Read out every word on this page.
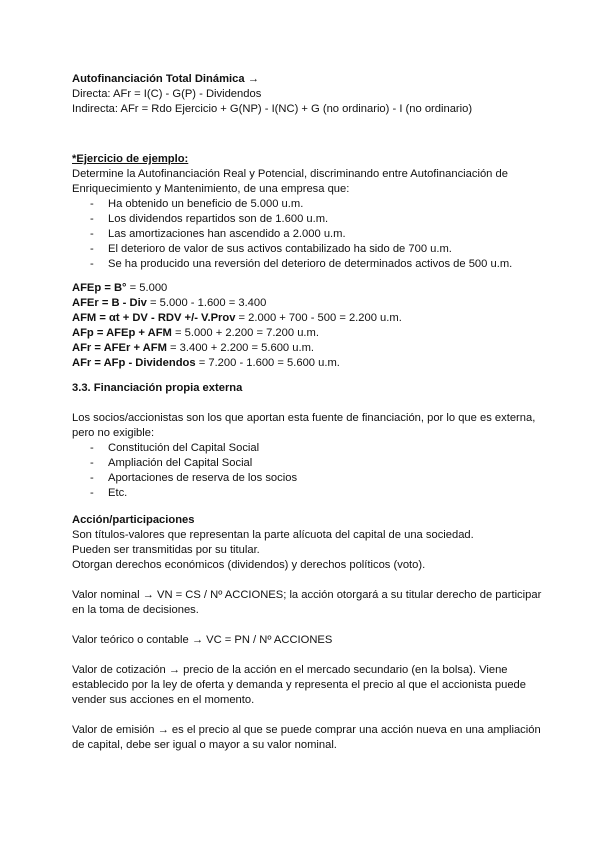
Autofinanciación Total Dinámica →

Directa: AFr = I(C) - G(P) - Dividendos

Indirecta: AFr = Rdo Ejercicio + G(NP) - I(NC) + G (no ordinario) - I (no ordinario)

*Ejercicio de ejemplo:

Determine la Autofinanciación Real y Potencial, discriminando entre Autofinanciación de Enriquecimiento y Mantenimiento, de una empresa que:

- Ha obtenido un beneficio de 5.000 u.m.
- Los dividendos repartidos son de 1.600 u.m.
- Las amortizaciones han ascendido a 2.000 u.m.
- El deterioro de valor de sus activos contabilizado ha sido de 700 u.m.
- Se ha producido una reversión del deterioro de determinados activos de 500 u.m.

AFEp = B° = 5.000

AFEr = B - Div = 5.000 - 1.600 = 3.400

AFM = αt + DV - RDV +/- V.Prov = 2.000 + 700 - 500 = 2.200 u.m.

AFp = AFEp + AFM = 5.000 + 2.200 = 7.200 u.m.

AFr = AFEr + AFM = 3.400 + 2.200 = 5.600 u.m.

AFr = AFp - Dividendos = 7.200 - 1.600 = 5.600 u.m.

3.3. Financiación propia externa

Los socios/accionistas son los que aportan esta fuente de financiación, por lo que es externa, pero no exigible:

- Constitución del Capital Social
- Ampliación del Capital Social
- Aportaciones de reserva de los socios
- Etc.

Acción/participaciones

Son títulos-valores que representan la parte alícuota del capital de una sociedad.

Pueden ser transmitidas por su titular.

Otorgan derechos económicos (dividendos) y derechos políticos (voto).

Valor nominal → VN = CS / Nº ACCIONES; la acción otorgará a su titular derecho de participar en la toma de decisiones.

Valor teórico o contable → VC = PN / Nº ACCIONES

Valor de cotización → precio de la acción en el mercado secundario (en la bolsa). Viene establecido por la ley de oferta y demanda y representa el precio al que el accionista puede vender sus acciones en el momento.

Valor de emisión → es el precio al que se puede comprar una acción nueva en una ampliación de capital, debe ser igual o mayor a su valor nominal.
